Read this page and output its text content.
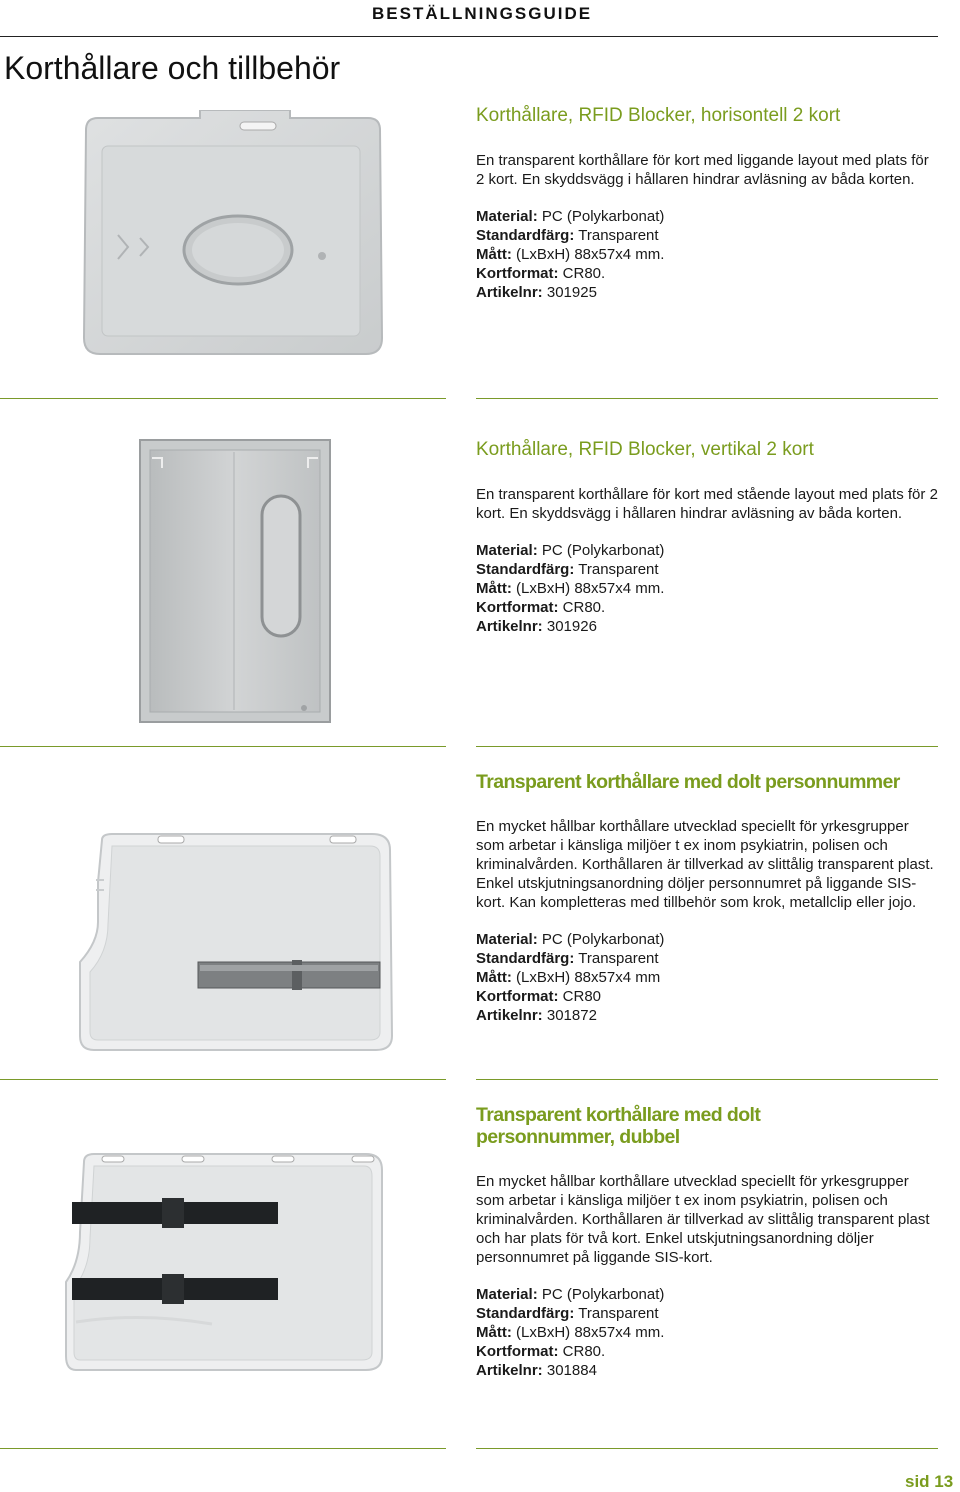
BESTÄLLNINGSGUIDE
Korthållare och tillbehör
Korthållare, RFID Blocker, horisontell 2 kort

En transparent korthållare för kort med liggande layout med plats för 2 kort. En skyddsvägg i hållaren hindrar avläsning av båda korten.

Material: PC (Polykarbonat)
Standardfärg: Transparent
Mått: (LxBxH) 88x57x4 mm.
Kortformat: CR80.
Artikelnr: 301925
Korthållare, RFID Blocker, vertikal 2 kort

En transparent korthållare för kort med stående layout med plats för 2 kort. En skyddsvägg i hållaren hindrar avläsning av båda korten.

Material: PC (Polykarbonat)
Standardfärg: Transparent
Mått: (LxBxH) 88x57x4 mm.
Kortformat: CR80.
Artikelnr: 301926
Transparent korthållare med dolt personnummer

En mycket hållbar korthållare utvecklad speciellt för yrkesgrupper som arbetar i känsliga miljöer t ex inom psykiatrin, polisen och kriminalvården. Korthållaren är tillverkad av slittålig transparent plast. Enkel utskjutningsanordning döljer personnumret på liggande SIS-kort. Kan kompletteras med tillbehör som krok, metallclip eller jojo.

Material: PC (Polykarbonat)
Standardfärg: Transparent
Mått: (LxBxH) 88x57x4 mm
Kortformat: CR80
Artikelnr: 301872
Transparent korthållare med dolt personnummer, dubbel

En mycket hållbar korthållare utvecklad speciellt för yrkesgrupper som arbetar i känsliga miljöer t ex inom psykiatrin, polisen och kriminalvården. Korthållaren är tillverkad av slittålig transparent plast och har plats för två kort. Enkel utskjutningsanordning döljer personnumret på liggande SIS-kort.

Material: PC (Polykarbonat)
Standardfärg: Transparent
Mått: (LxBxH) 88x57x4 mm.
Kortformat: CR80.
Artikelnr: 301884
sid 13
